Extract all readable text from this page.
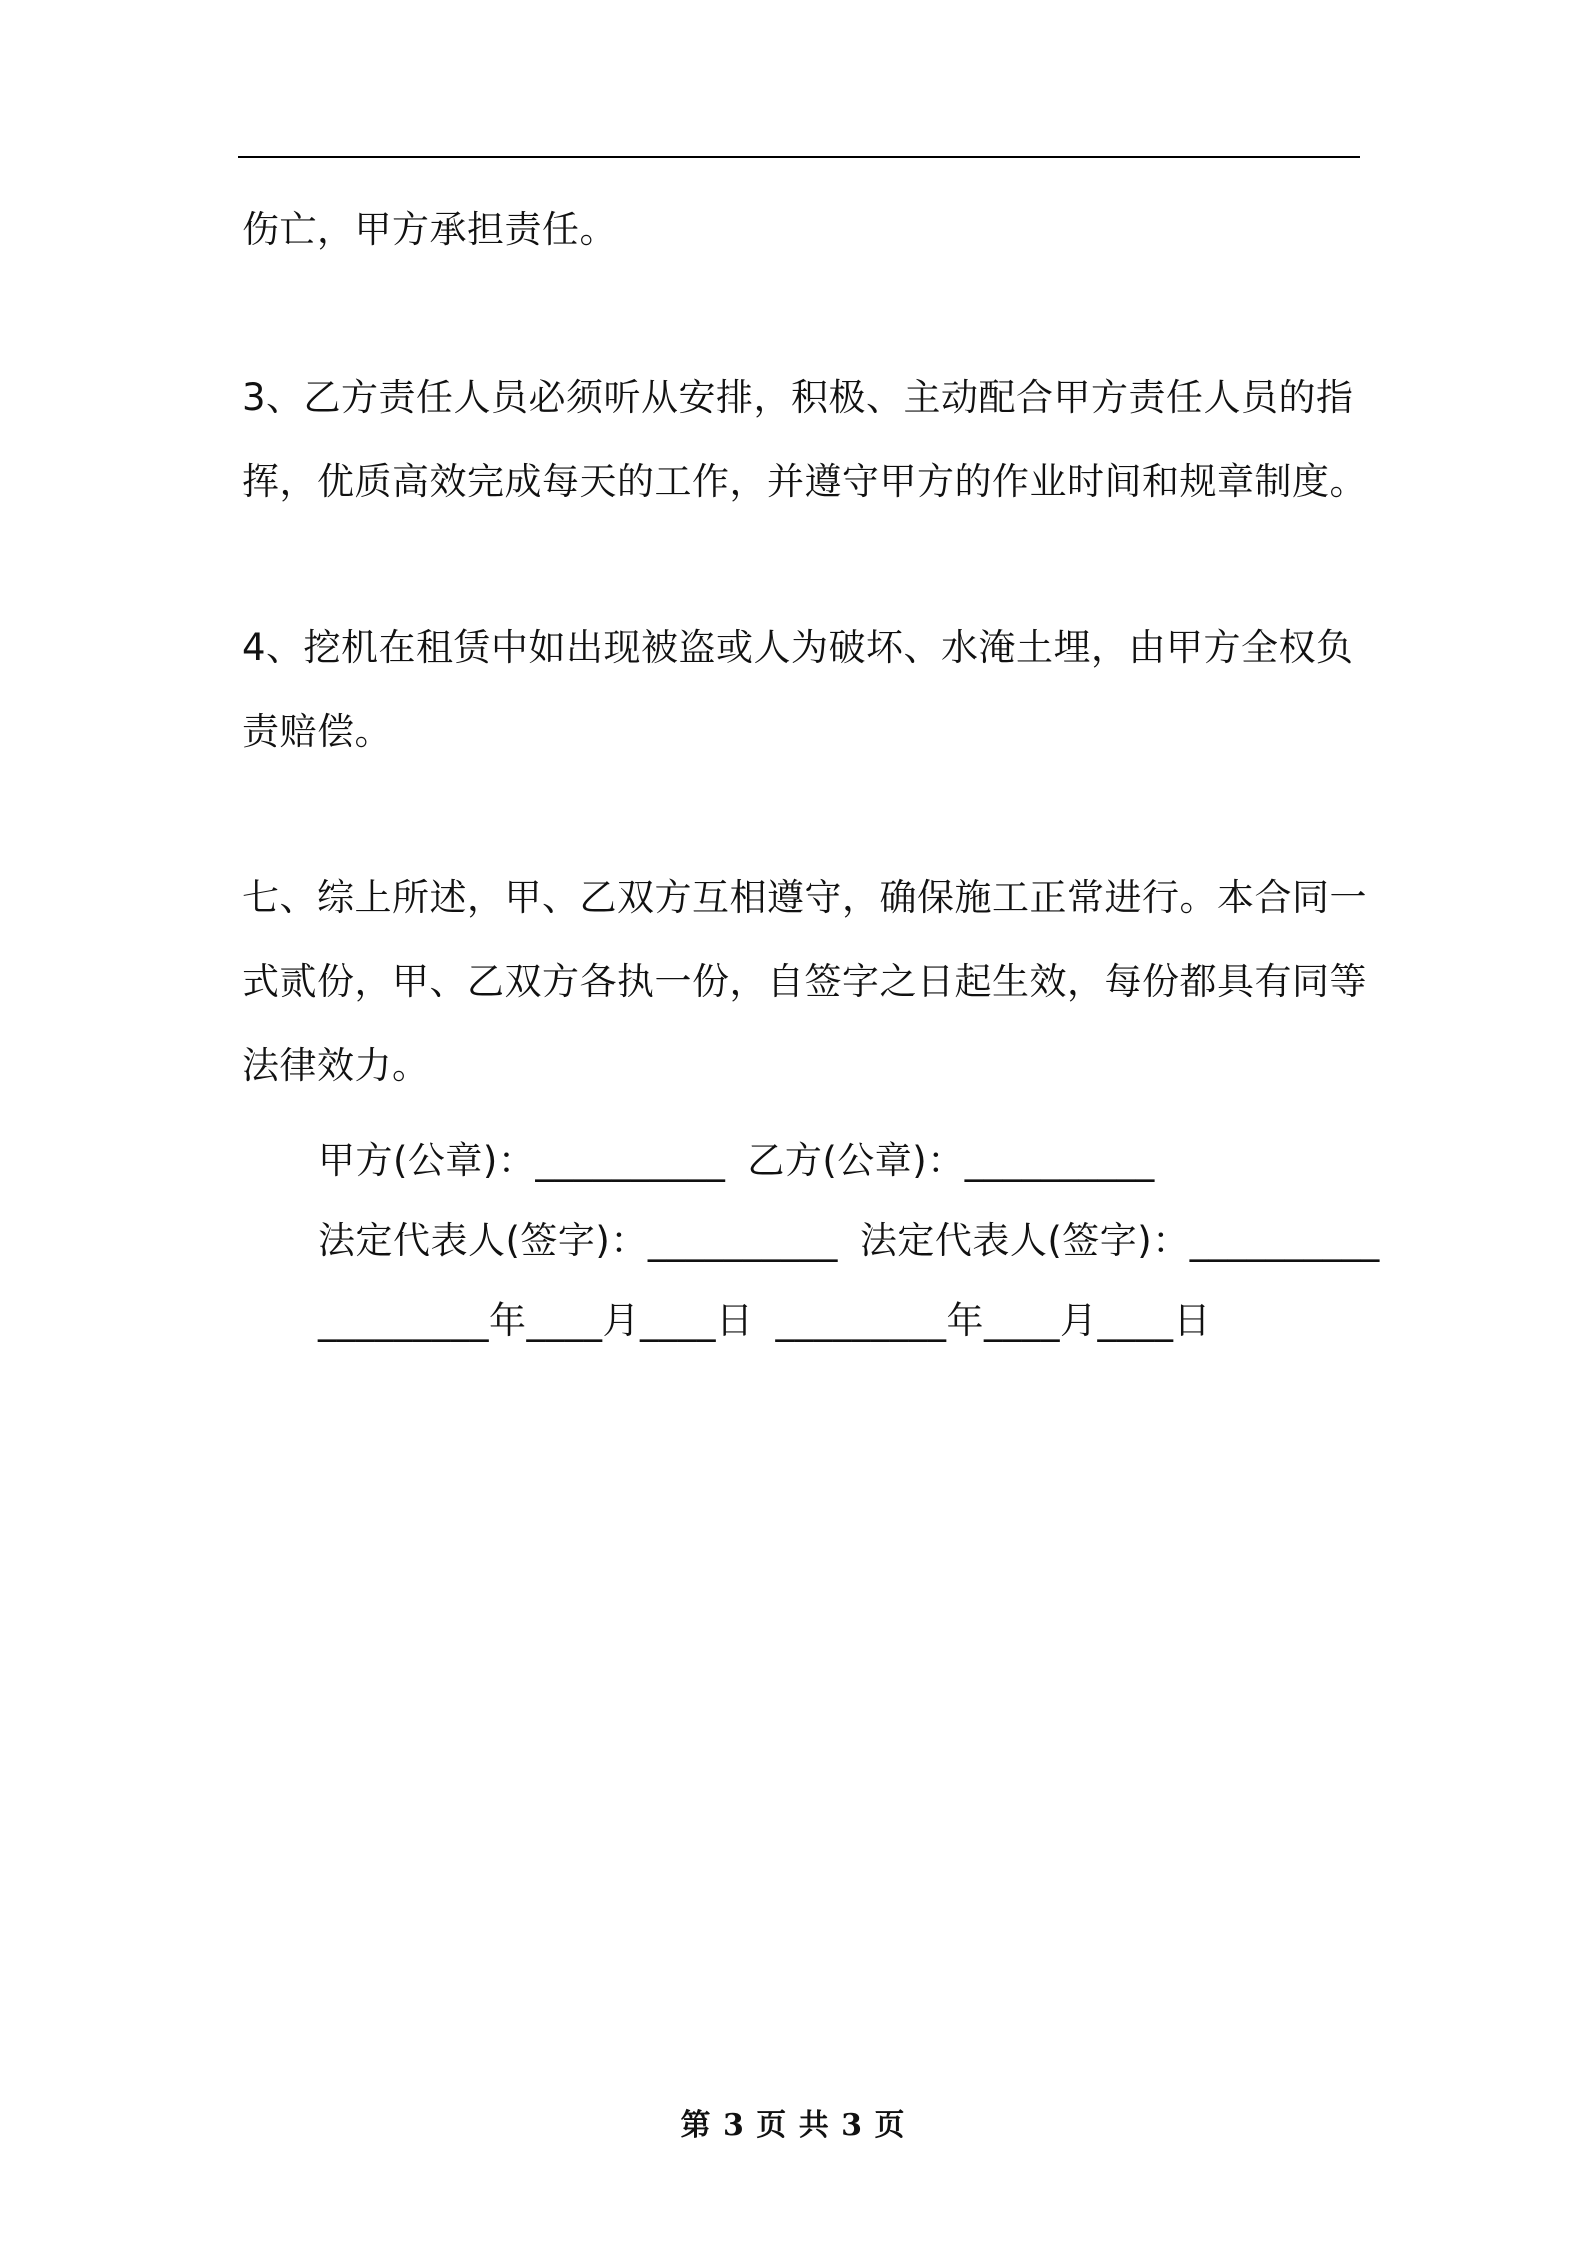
伤亡，甲方承担责任。

3、乙方责任人员必须听从安排，积极、主动配合甲方责任人员的指
挥，优质高效完成每天的工作，并遵守甲方的作业时间和规章制度。

4、挖机在租赁中如出现被盗或人为破坏、水淹土埋，由甲方全权负
责赔偿。

七、综上所述，甲、乙双方互相遵守，确保施工正常进行。本合同一
式贰份，甲、乙双方各执一份，自签字之日起生效，每份都具有同等
法律效力。

甲方(公章)：__________ 乙方(公章)：__________
法定代表人(签字)：__________ 法定代表人(签字)：__________
_________年____月____日 _________年____月____日
第 3 页 共 3 页
